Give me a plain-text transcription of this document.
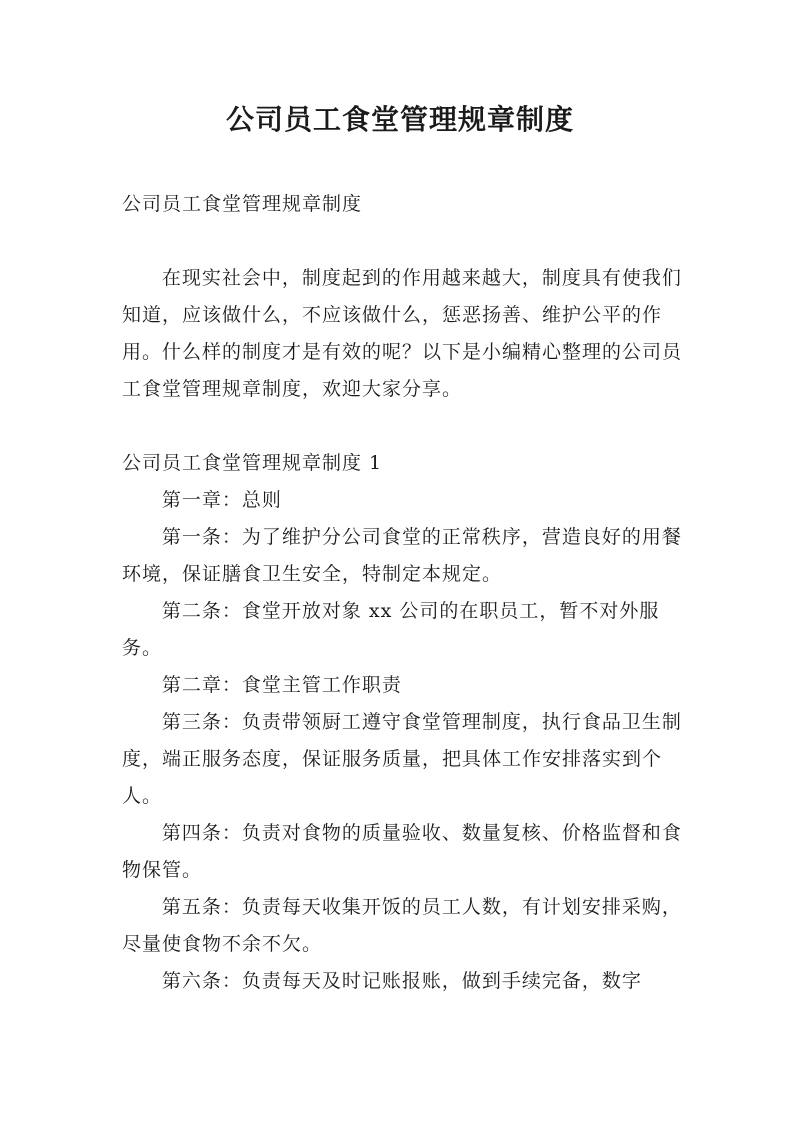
公司员工食堂管理规章制度

公司员工食堂管理规章制度

在现实社会中，制度起到的作用越来越大，制度具有使我们知道，应该做什么，不应该做什么，惩恶扬善、维护公平的作用。什么样的制度才是有效的呢？以下是小编精心整理的公司员工食堂管理规章制度，欢迎大家分享。

公司员工食堂管理规章制度 1

第一章：总则

第一条：为了维护分公司食堂的正常秩序，营造良好的用餐环境，保证膳食卫生安全，特制定本规定。

第二条：食堂开放对象 xx 公司的在职员工，暂不对外服务。

第二章：食堂主管工作职责

第三条：负责带领厨工遵守食堂管理制度，执行食品卫生制度，端正服务态度，保证服务质量，把具体工作安排落实到个人。

第四条：负责对食物的质量验收、数量复核、价格监督和食物保管。

第五条：负责每天收集开饭的员工人数，有计划安排采购，尽量使食物不余不欠。

第六条：负责每天及时记账报账，做到手续完备，数字
